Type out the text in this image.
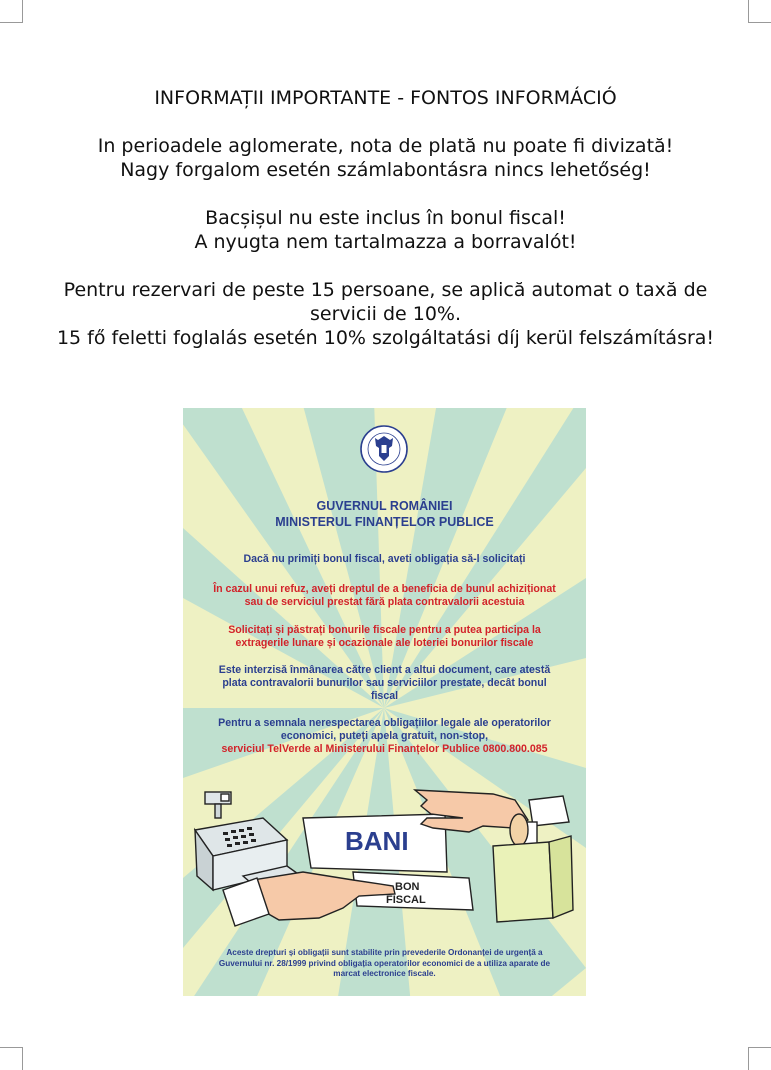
INFORMAȚII IMPORTANTE - FONTOS INFORMÁCIÓ

In perioadele aglomerate, nota de plată nu poate fi divizată!

Nagy forgalom esetén számlabontásra nincs lehetőség!

Bacșișul nu este inclus în bonul fiscal!

A nyugta nem tartalmazza a borravalót!

Pentru rezervari de peste 15 persoane, se aplică automat o taxă de

servicii de 10%.

15 fő feletti foglalás esetén 10% szolgáltatási díj kerül felszámításra!

GUVERNUL ROMÂNIEI

MINISTERUL FINANȚELOR PUBLICE

Dacă nu primiți bonul fiscal, aveti obligația să-l solicitați

În cazul unui refuz, aveți dreptul de a beneficia de bunul achiziționat

sau de serviciul prestat fără plata contravalorii acestuia

Solicitați și păstrați bonurile fiscale pentru a putea participa la

extragerile lunare și ocazionale ale loteriei bonurilor fiscale

Este interzisă înmânarea către client a altui document, care atestă

plata contravalorii bunurilor sau serviciilor prestate, decât bonul

fiscal

Pentru a semnala nerespectarea obligațiilor legale ale operatorilor

economici, puteți apela gratuit, non-stop,

serviciul TelVerde al Ministerului Finanțelor Publice 0800.800.085

BANI
BON
FISCAL

Aceste drepturi și obligații sunt stabilite prin prevederile Ordonanței de urgență a

Guvernului nr. 28/1999 privind obligația operatorilor economici de a utiliza aparate de

marcat electronice fiscale.
